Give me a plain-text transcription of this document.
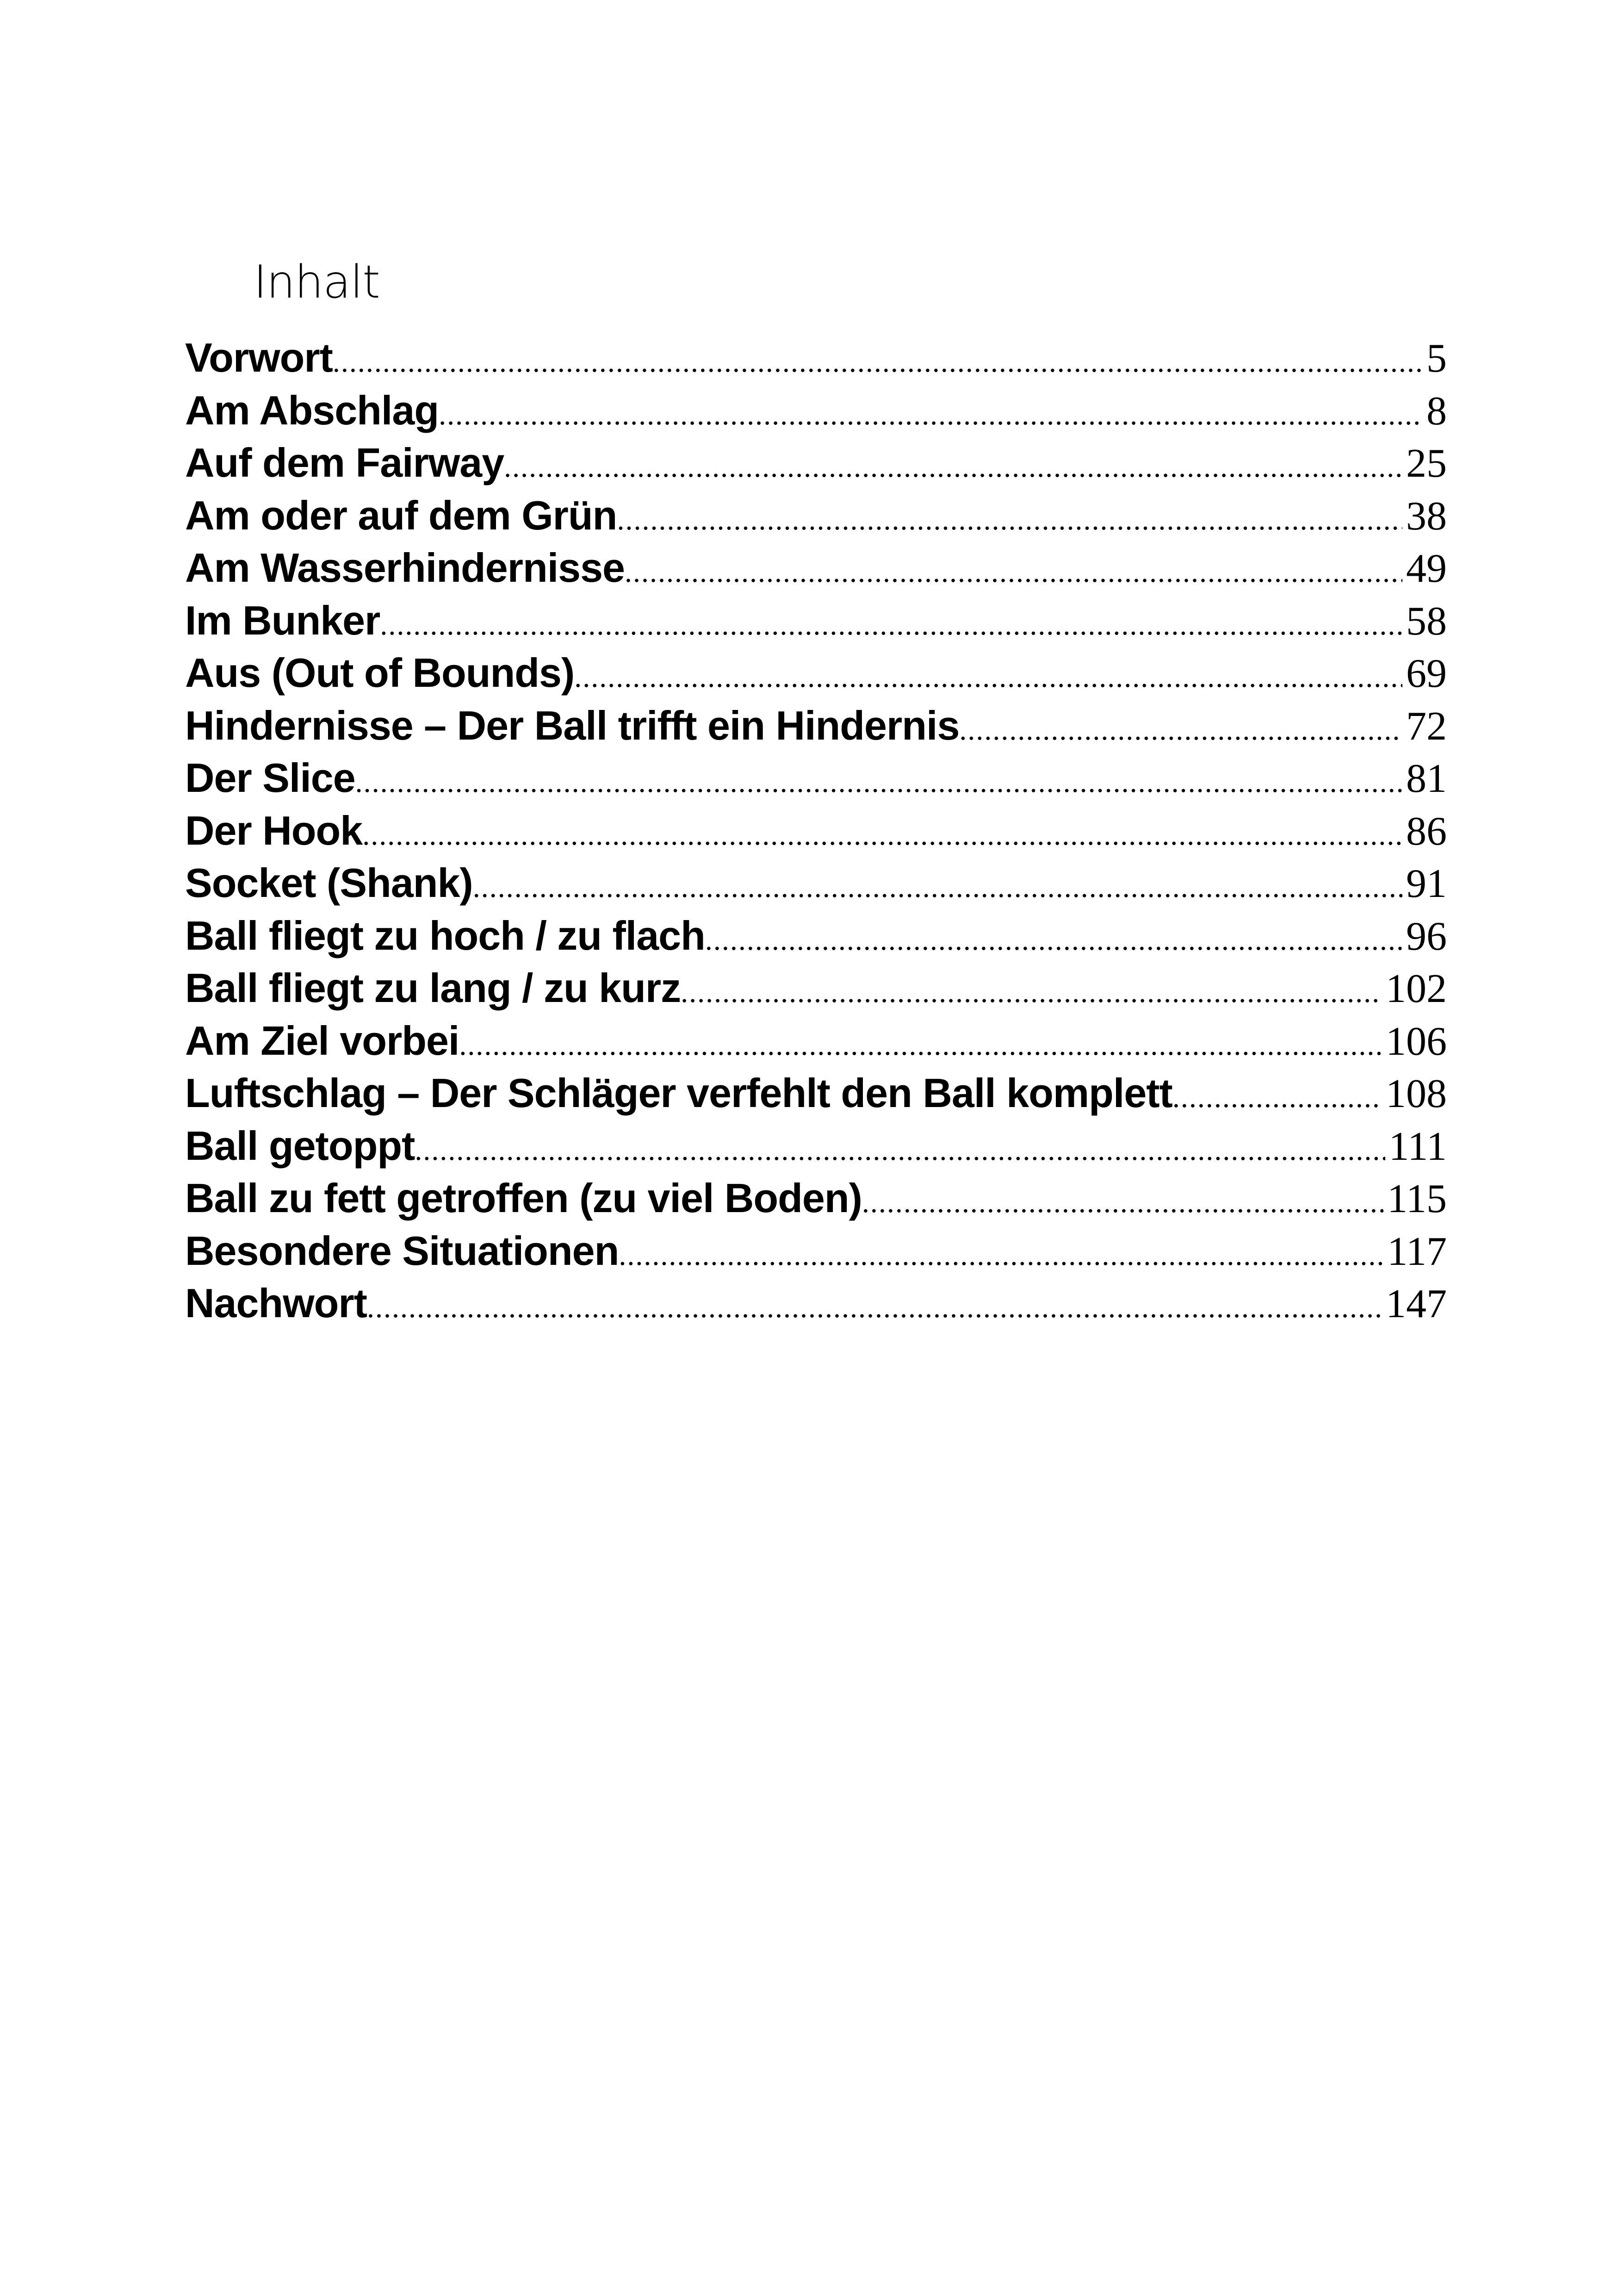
Inhalt
Vorwort .....	5
Am Abschlag .....	8
Auf dem Fairway .....	25
Am oder auf dem Grün .....	38
Am Wasserhindernisse .....	49
Im Bunker .....	58
Aus (Out of Bounds) .....	69
Hindernisse – Der Ball trifft ein Hindernis .....	72
Der Slice .....	81
Der Hook .....	86
Socket (Shank) .....	91
Ball fliegt zu hoch / zu flach .....	96
Ball fliegt zu lang / zu kurz .....	102
Am Ziel vorbei .....	106
Luftschlag – Der Schläger verfehlt den Ball komplett .....	108
Ball getoppt .....	111
Ball zu fett getroffen (zu viel Boden) .....	115
Besondere Situationen .....	117
Nachwort .....	147
